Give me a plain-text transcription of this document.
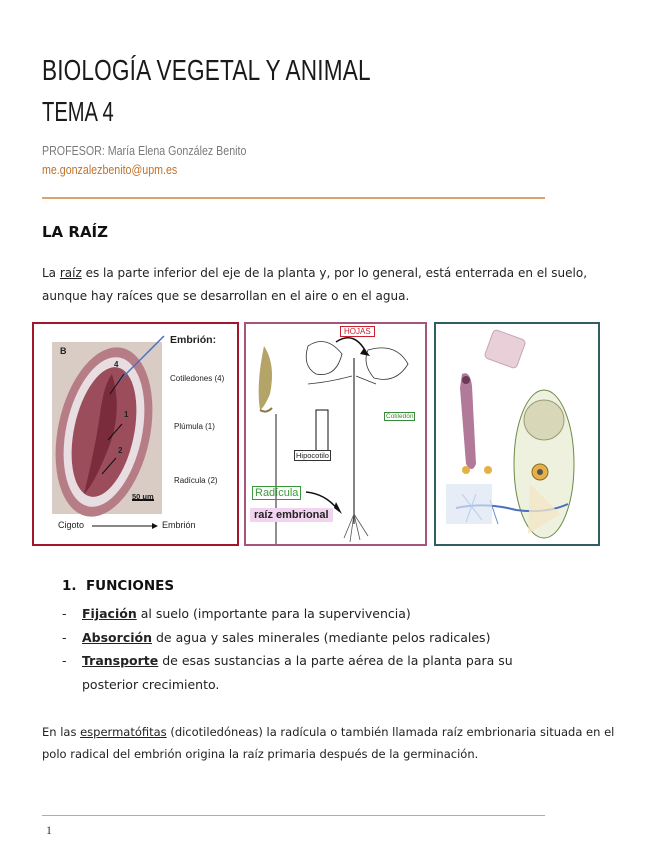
BIOLOGÍA VEGETAL Y ANIMAL
TEMA 4
PROFESOR: María Elena González Benito
me.gonzalezbenito@upm.es
LA RAÍZ
La raíz es la parte inferior del eje de la planta y, por lo general, está enterrada en el suelo, aunque hay raíces que se desarrollan en el aire o en el agua.
B
4
1
2
Embrión:
Cotiledones (4)
Plúmula (1)
Radícula (2)
50 μm
Cigoto	Embrión
HOJAS
Cotiledón
Hipocotilo
Radícula
raíz embrional
1. FUNCIONES
- Fijación al suelo (importante para la supervivencia)
- Absorción de agua y sales minerales (mediante pelos radicales)
- Transporte de esas sustancias a la parte aérea de la planta para su posterior crecimiento.
En las espermatófitas (dicotiledóneas) la radícula o también llamada raíz embrionaria situada en el polo radical del embrión origina la raíz primaria después de la germinación.
1
